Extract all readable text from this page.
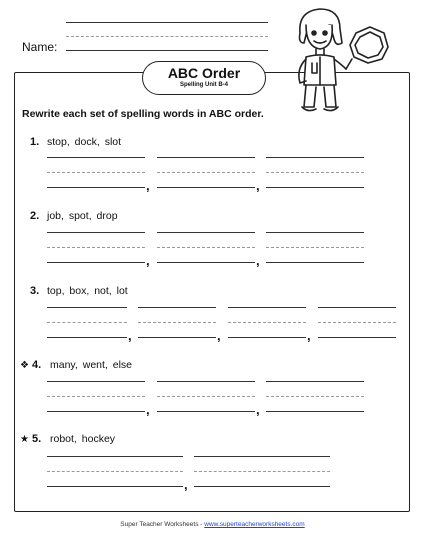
Name:
ABC Order
Spelling Unit B-4
Rewrite each set of spelling words in ABC order.
1. stop, dock, slot
,	,
2. job, spot, drop
,	,
3. top, box, not, lot
,	,	,
❖ 4. many, went, else
,	,
★ 5. robot, hockey
,
Super Teacher Worksheets - www.superteacherworksheets.com
